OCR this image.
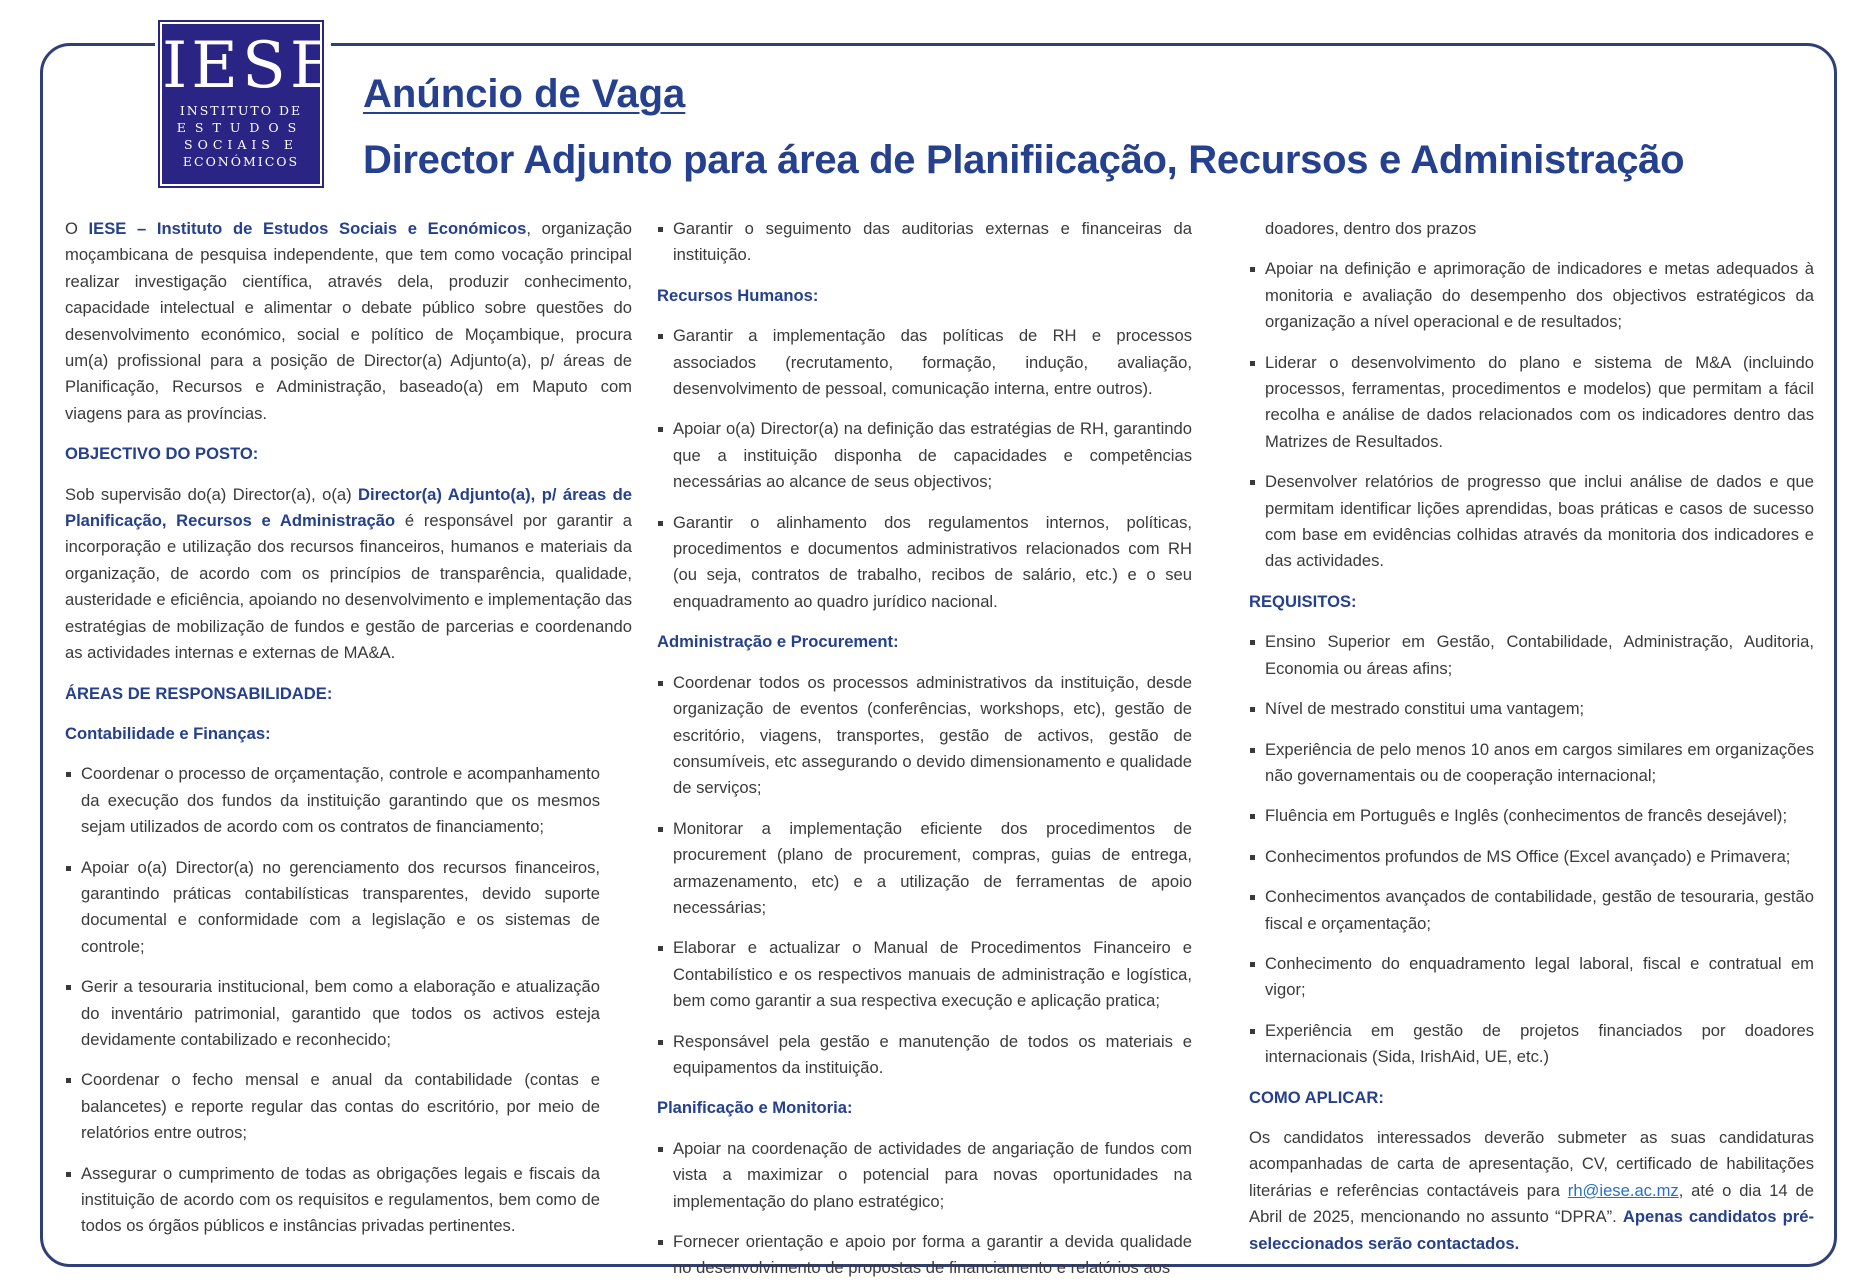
IESE
INSTITUTO DE
ESTUDOS
SOCIAIS E
ECONÓMICOS
Anúncio de Vaga
Director Adjunto para área de Planifiicação, Recursos e Administração

O IESE – Instituto de Estudos Sociais e Económicos, organização moçambicana de pesquisa independente, que tem como vocação principal realizar investigação científica, através dela, produzir conhecimento, capacidade intelectual e alimentar o debate público sobre questões do desenvolvimento económico, social e político de Moçambique, procura um(a) profissional para a posição de Director(a) Adjunto(a), p/ áreas de Planificação, Recursos e Administração, baseado(a) em Maputo com viagens para as províncias.

OBJECTIVO DO POSTO:

Sob supervisão do(a) Director(a), o(a) Director(a) Adjunto(a), p/ áreas de Planificação, Recursos e Administração é responsável por garantir a incorporação e utilização dos recursos financeiros, humanos e materiais da organização, de acordo com os princípios de transparência, qualidade, austeridade e eficiência, apoiando no desenvolvimento e implementação das estratégias de mobilização de fundos e gestão de parcerias e coordenando as actividades internas e externas de MA&A.

ÁREAS DE RESPONSABILIDADE:
Contabilidade e Finanças:
Coordenar o processo de orçamentação, controle e acompanhamento da execução dos fundos da instituição garantindo que os mesmos sejam utilizados de acordo com os contratos de financiamento;
Apoiar o(a) Director(a) no gerenciamento dos recursos financeiros, garantindo práticas contabilísticas transparentes, devido suporte documental e conformidade com a legislação e os sistemas de controle;
Gerir a tesouraria institucional, bem como a elaboração e atualização do inventário patrimonial, garantido que todos os activos esteja devidamente contabilizado e reconhecido;
Coordenar o fecho mensal e anual da contabilidade (contas e balancetes) e reporte regular das contas do escritório, por meio de relatórios entre outros;
Assegurar o cumprimento de todas as obrigações legais e fiscais da instituição de acordo com os requisitos e regulamentos, bem como de todos os órgãos públicos e instâncias privadas pertinentes.
Garantir o seguimento das auditorias externas e financeiras da instituição.
Recursos Humanos:
Garantir a implementação das políticas de RH e processos associados (recrutamento, formação, indução, avaliação, desenvolvimento de pessoal, comunicação interna, entre outros).
Apoiar o(a) Director(a) na definição das estratégias de RH, garantindo que a instituição disponha de capacidades e competências necessárias ao alcance de seus objectivos;
Garantir o alinhamento dos regulamentos internos, políticas, procedimentos e documentos administrativos relacionados com RH (ou seja, contratos de trabalho, recibos de salário, etc.) e o seu enquadramento ao quadro jurídico nacional.
Administração e Procurement:
Coordenar todos os processos administrativos da instituição, desde organização de eventos (conferências, workshops, etc), gestão de escritório, viagens, transportes, gestão de activos, gestão de consumíveis, etc assegurando o devido dimensionamento e qualidade de serviços;
Monitorar a implementação eficiente dos procedimentos de procurement (plano de procurement, compras, guias de entrega, armazenamento, etc) e a utilização de ferramentas de apoio necessárias;
Elaborar e actualizar o Manual de Procedimentos Financeiro e Contabilístico e os respectivos manuais de administração e logística, bem como garantir a sua respectiva execução e aplicação pratica;
Responsável pela gestão e manutenção de todos os materiais e equipamentos da instituição.
Planificação e Monitoria:
Apoiar na coordenação de actividades de angariação de fundos com vista a maximizar o potencial para novas oportunidades na implementação do plano estratégico;
Fornecer orientação e apoio por forma a garantir a devida qualidade no desenvolvimento de propostas de financiamento e relatórios aos
doadores, dentro dos prazos
Apoiar na definição e aprimoração de indicadores e metas adequados à monitoria e avaliação do desempenho dos objectivos estratégicos da organização a nível operacional e de resultados;
Liderar o desenvolvimento do plano e sistema de M&A (incluindo processos, ferramentas, procedimentos e modelos) que permitam a fácil recolha e análise de dados relacionados com os indicadores dentro das Matrizes de Resultados.
Desenvolver relatórios de progresso que inclui análise de dados e que permitam identificar lições aprendidas, boas práticas e casos de sucesso com base em evidências colhidas através da monitoria dos indicadores e das actividades.
REQUISITOS:
Ensino Superior em Gestão, Contabilidade, Administração, Auditoria, Economia ou áreas afins;
Nível de mestrado constitui uma vantagem;
Experiência de pelo menos 10 anos em cargos similares em organizações não governamentais ou de cooperação internacional;
Fluência em Português e Inglês (conhecimentos de francês desejável);
Conhecimentos profundos de MS Office (Excel avançado) e Primavera;
Conhecimentos avançados de contabilidade, gestão de tesouraria, gestão fiscal e orçamentação;
Conhecimento do enquadramento legal laboral, fiscal e contratual em vigor;
Experiência em gestão de projetos financiados por doadores internacionais (Sida, IrishAid, UE, etc.)
COMO APLICAR:

Os candidatos interessados deverão submeter as suas candidaturas acompanhadas de carta de apresentação, CV, certificado de habilitações literárias e referências contactáveis para rh@iese.ac.mz, até o dia 14 de Abril de 2025, mencionando no assunto “DPRA”. Apenas candidatos pré-seleccionados serão contactados.
